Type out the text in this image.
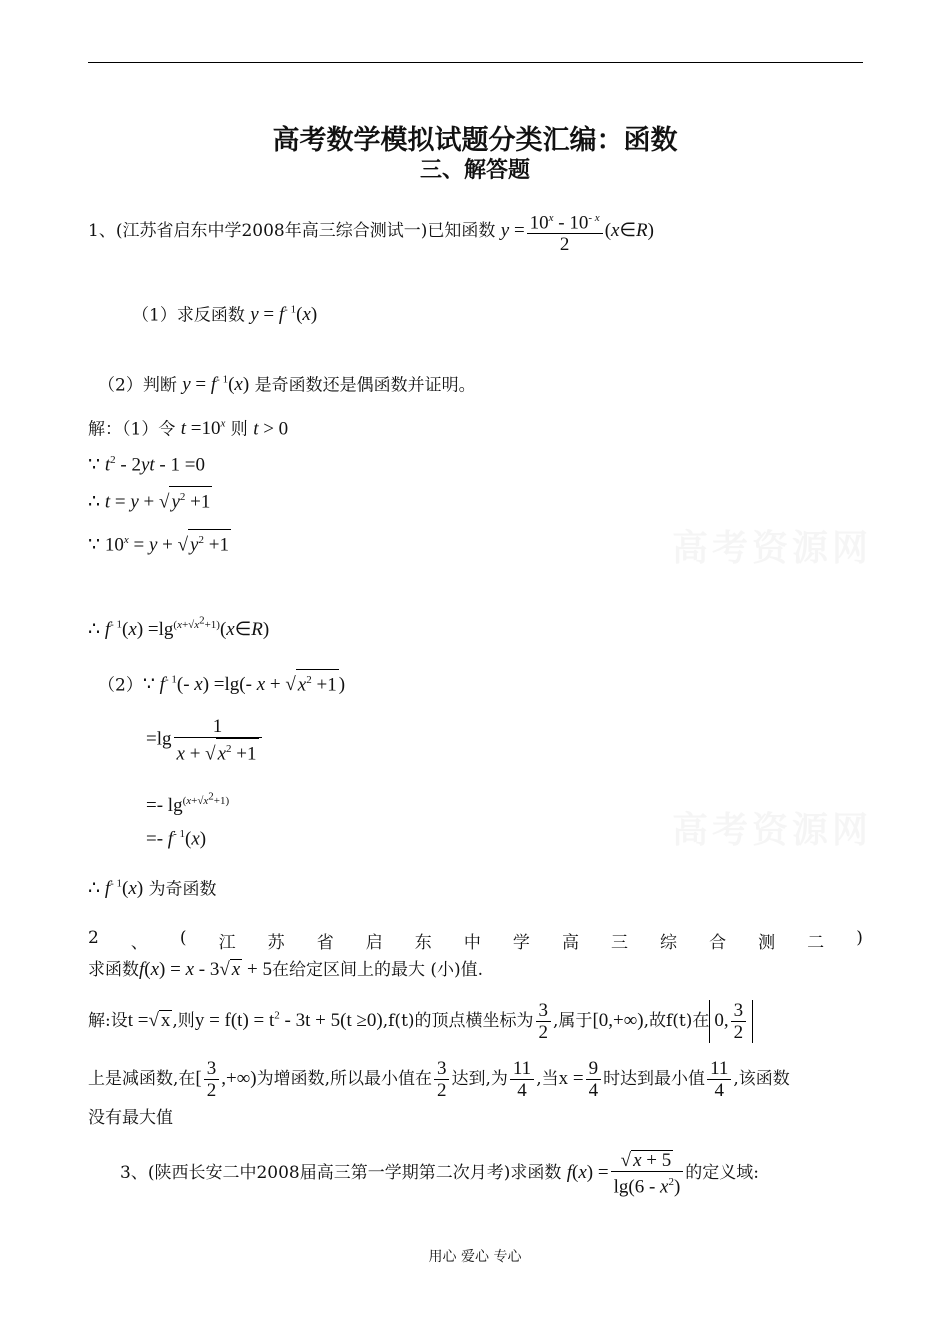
高考数学模拟试题分类汇编：函数
三、解答题
1、(江苏省启东中学2008年高三综合测试一)已知函数 $y = \frac{10^x - 10^{- x}}{2}$ (x∈R)
（1）求反函数 $y = f^{- 1}(x)$
（2）判断 $y = f^{- 1}(x)$ 是奇函数还是偶函数并证明。
解：（1）令 $t =10^x$ 则 t > 0
∵ $t^2 - 2yt - 1 =0$
∴ t = y + √ $y^2 +1$
∵ $10^x = y$ + √ $y^2 +1$
∴ $f^{- 1}(x)$ $=\lg^{(x+√x^2+1)}(x\in R)$
（2）∵ $f^{- 1}(-$ x) =lg(- x + √ $x^2 +1$ )
$=\lg \frac{1}{x + √ x^2 +1}$
=- $\lg^{(x+√x^2+1)}$
=- $f^{- 1}(x)$
∴ $f^{- 1}(x)$ 为奇函数
2 、 ( 江 苏 省 启 东 中 学 高 三 综 合 测 二 )
求函数f(x) = x - 3√ x + 5在给定区间上的最大 (小)值.
解:设t =√ x ,则$y = f(t) = t^2 - 3t + 5(t \ge 0),f(t)$的顶点横坐标为 $\frac{3}{2}$ ,属于[0,+∞),故f(t)在 0, $\frac{3}{2}$
上是减函数,在[ $\frac{3}{2}$ ,+∞)为增函数,所以最小值在 $\frac{3}{2}$ 达到,为 $\frac{11}{4}$ ,当$x = \frac{9}{4}$ 时达到最小值 $\frac{11}{4}$ ,该函数
没有最大值
3、(陕西长安二中2008届高三第一学期第二次月考)求函数 $f(x) = \frac{√ x + 5}{\lg(6 - x^2)}$ 的定义域:
用心 爱心 专心
